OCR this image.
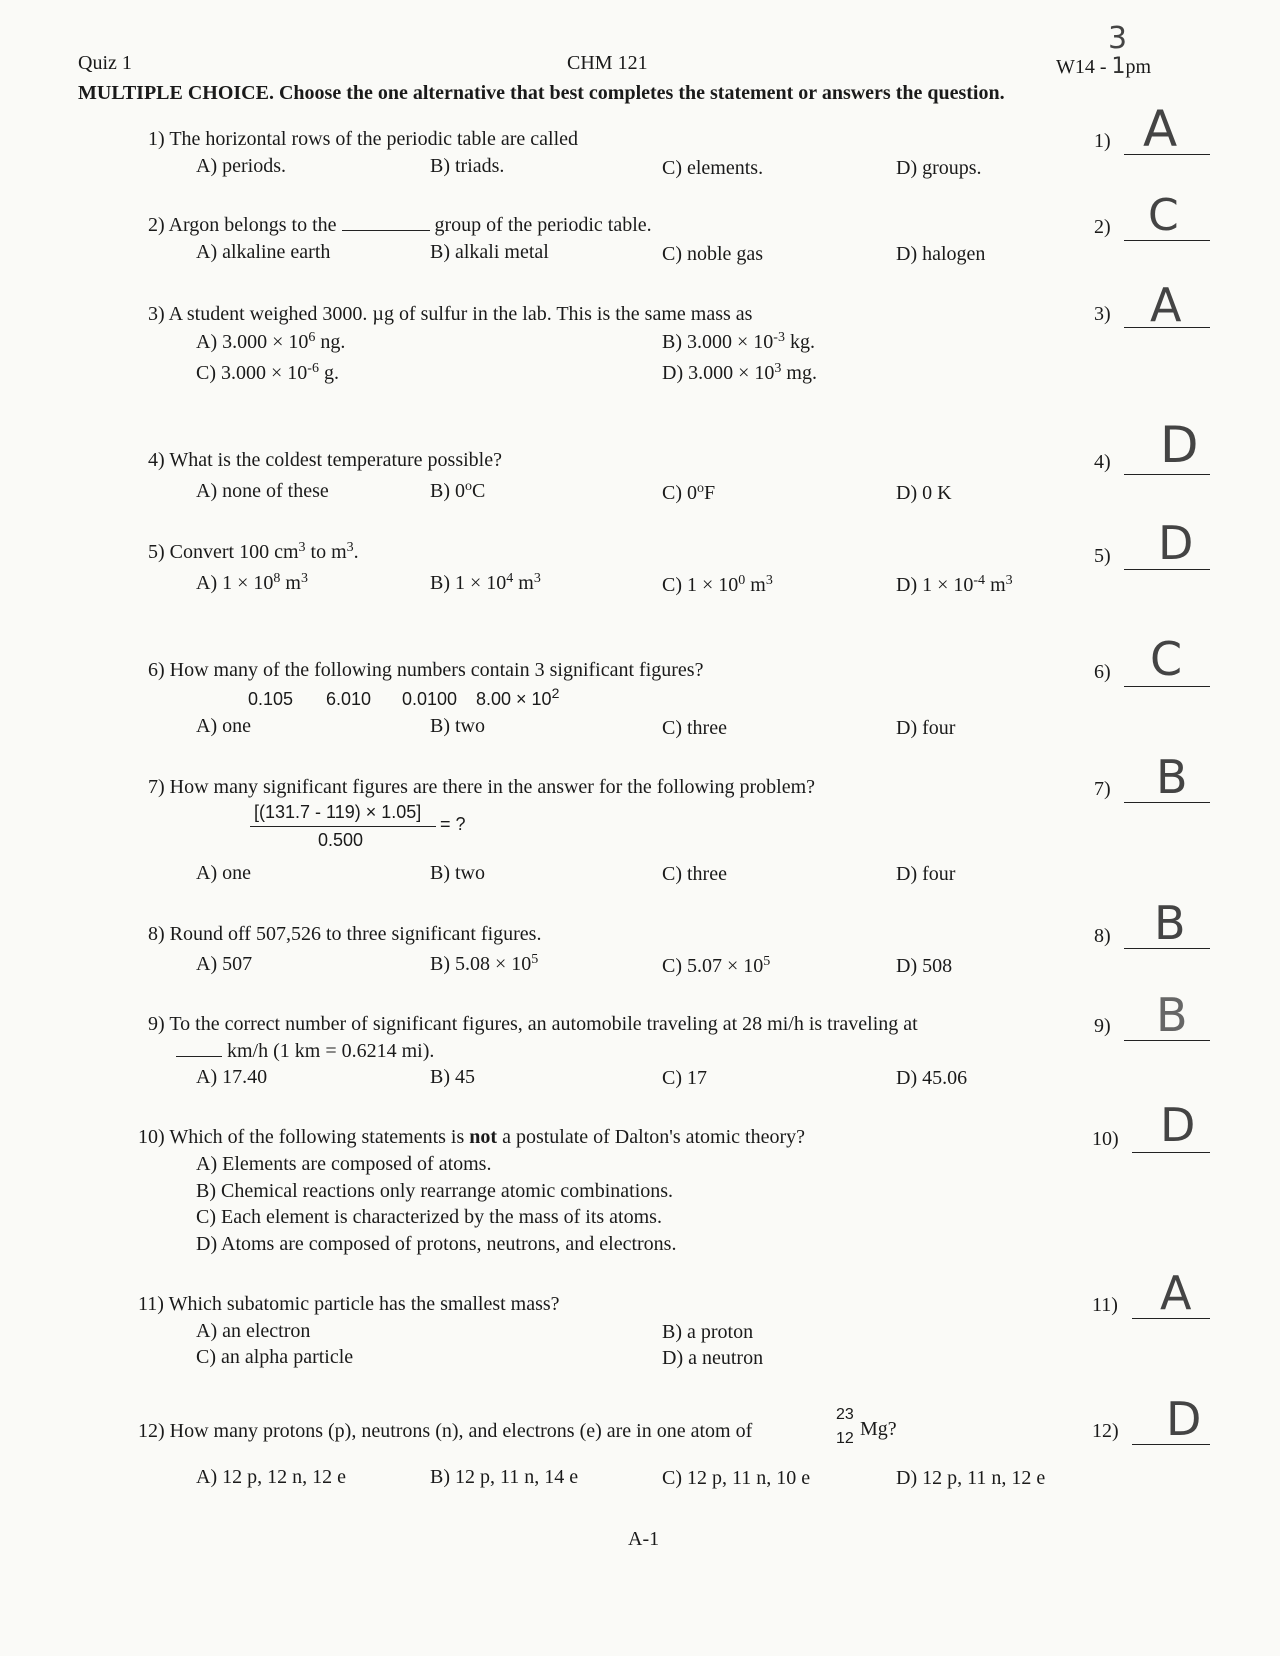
Quiz 1	CHM 121	W14 - 1pm
3
MULTIPLE CHOICE. Choose the one alternative that best completes the statement or answers the question.
1) The horizontal rows of the periodic table are called
A) periods.	B) triads.	C) elements.	D) groups.
1) A
2) Argon belongs to the	group of the periodic table.
A) alkaline earth	B) alkali metal	C) noble gas	D) halogen
2) C
3) A student weighed 3000. µg of sulfur in the lab. This is the same mass as
A) $3.000 \times 10^6$ ng.	B) $3.000 \times 10^{-3}$ kg.
C) $3.000 \times 10^{-6}$ g.	D) $3.000 \times 10^3$ mg.
3) A
4) What is the coldest temperature possible?
A) none of these	B) 0$^o$C	C) 0$^o$F	D) 0 K
4) D
5) Convert 100 $cm^3$ to $m^3$.
A) $1 \times 10^8$ $m^3$	B) $1 \times 10^4$ $m^3$	C) $1 \times 10^0$ $m^3$	D) $1 \times 10^{-4}$ $m^3$
5) D
6) How many of the following numbers contain 3 significant figures?
0.105 6.010 0.0100 $8.00 \times 10^2$
A) one	B) two	C) three	D) four
6) C
7) How many significant figures are there in the answer for the following problem?
[(131.7 - 119) × 1.05]
= ?
0.500
A) one	B) two	C) three	D) four
7) B
8) Round off 507,526 to three significant figures.
A) 507	B) $5.08 \times 10^5$	C) $5.07 \times 10^5$	D) 508
8) B
9) To the correct number of significant figures, an automobile traveling at 28 mi/h is traveling at
km/h (1 km = 0.6214 mi).
A) 17.40	B) 45	C) 17	D) 45.06
9) B
10) Which of the following statements is not a postulate of Dalton's atomic theory?
A) Elements are composed of atoms.
B) Chemical reactions only rearrange atomic combinations.
C) Each element is characterized by the mass of its atoms.
D) Atoms are composed of protons, neutrons, and electrons.
10) D
11) Which subatomic particle has the smallest mass?
A) an electron	B) a proton
C) an alpha particle	D) a neutron
11) A
12) How many protons (p), neutrons (n), and electrons (e) are in one atom of
23
12 Mg?
A) 12 p, 12 n, 12 e	B) 12 p, 11 n, 14 e	C) 12 p, 11 n, 10 e	D) 12 p, 11 n, 12 e
12) D
A-1
